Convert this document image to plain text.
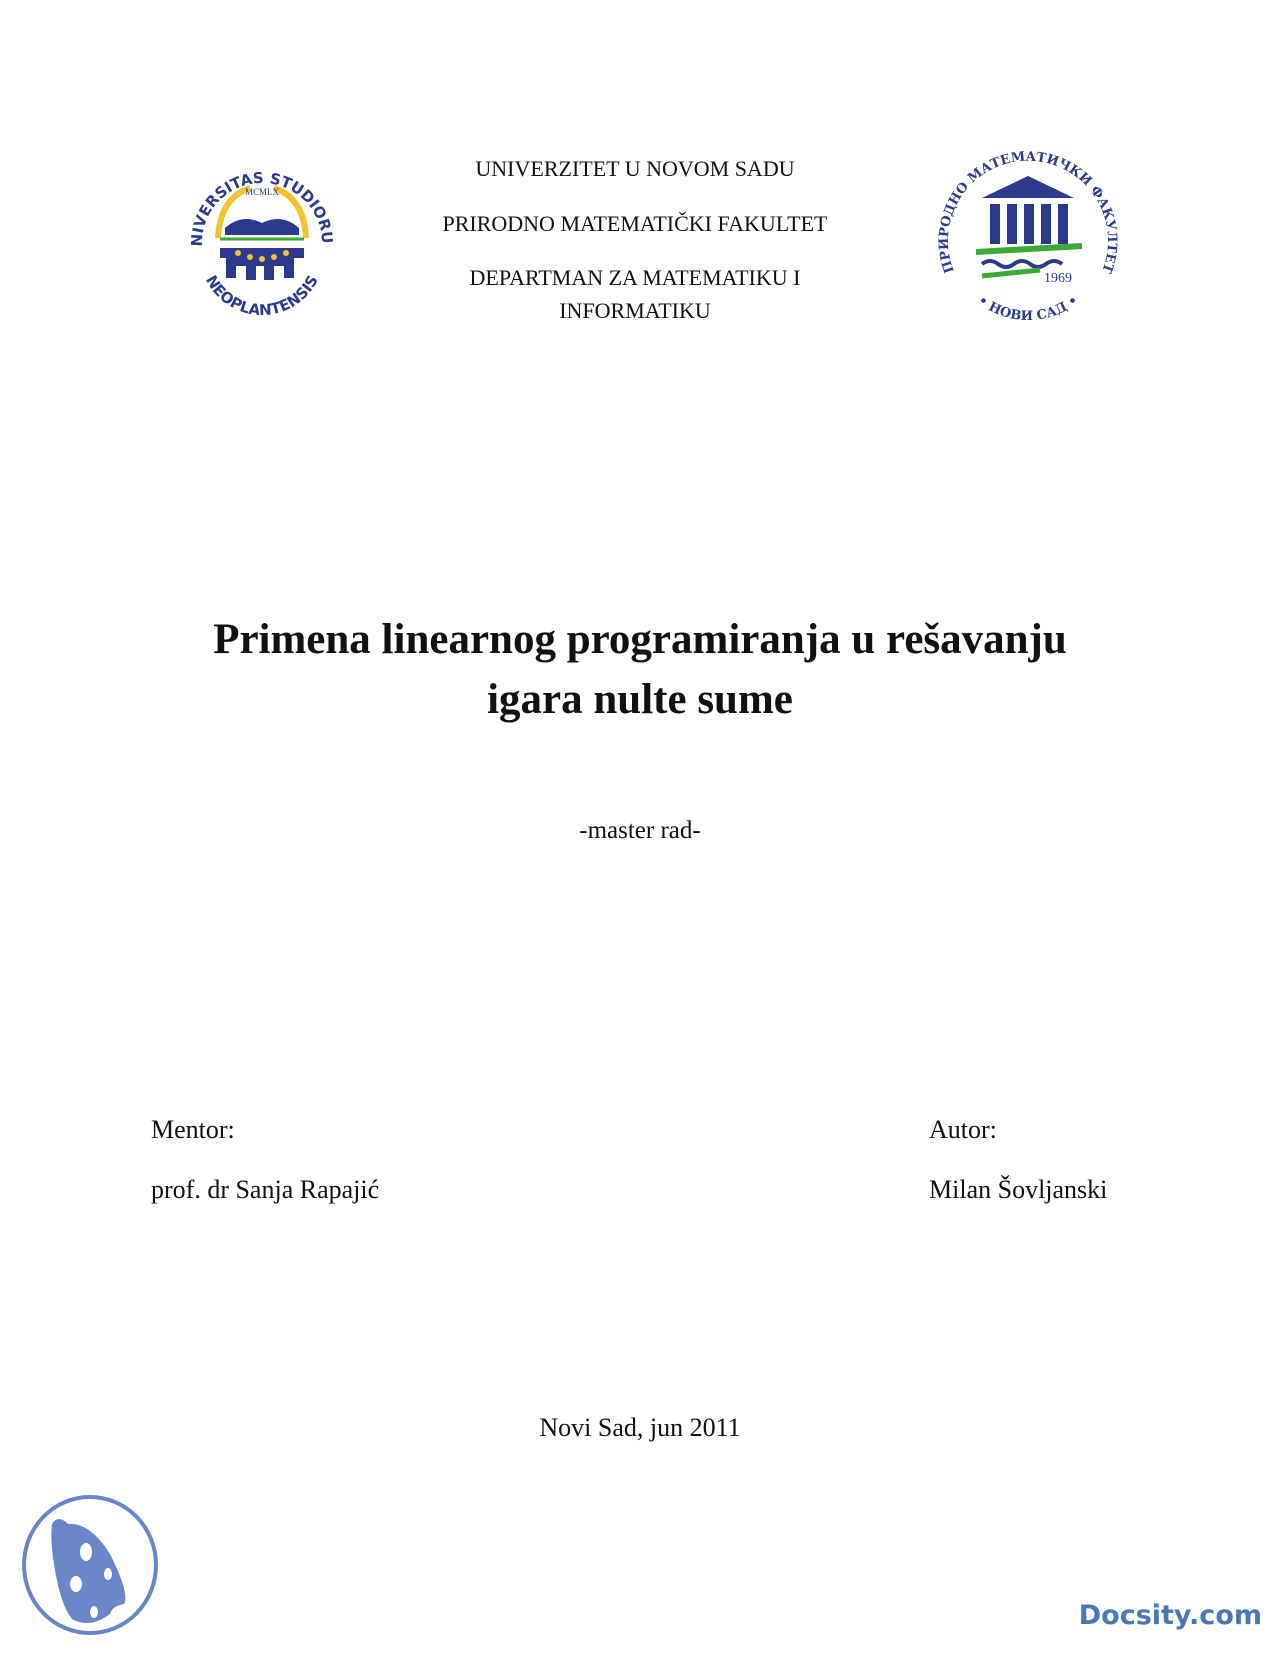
NIVERSITAS STUDIORU
NEOPLANTENSIS
MCMLX
UNIVERZITET U NOVOM SADU
PRIRODNO MATEMATIČKI FAKULTET
DEPARTMAN ZA MATEMATIKU I
INFORMATIKU
1969
ПРИРОДНО МАТЕМАТИЧКИ ФАКУЛТЕТ
• НОВИ САД •
Primena linearnog programiranja u rešavanju
igara nulte sume
-master rad-
Mentor:
prof. dr Sanja Rapajić
Autor:
Milan Šovljanski
Novi Sad, jun 2011
Docsity.com
